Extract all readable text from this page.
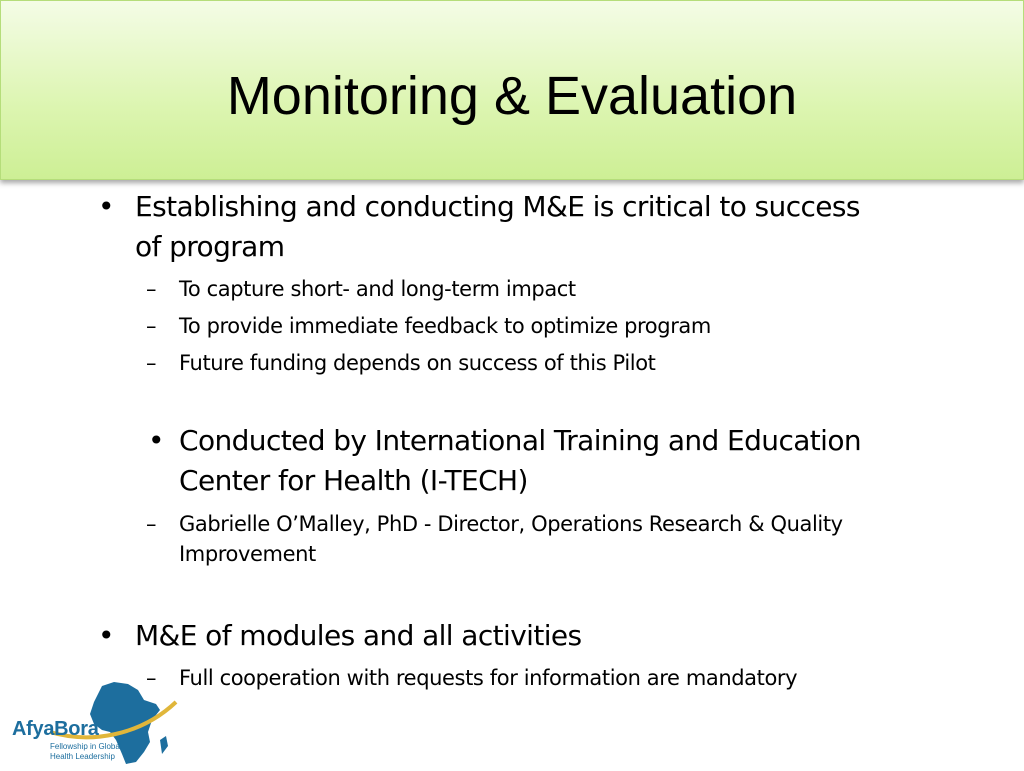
Monitoring & Evaluation
• Establishing and conducting M&E is critical to success
of program
– To capture short- and long-term impact
– To provide immediate feedback to optimize program
– Future funding depends on success of this Pilot
• Conducted by International Training and Education
Center for Health (I-TECH)
– Gabrielle O’Malley, PhD - Director, Operations Research & Quality
Improvement
• M&E of modules and all activities
– Full cooperation with requests for information are mandatory
AfyaBora
Fellowship in Global
Health Leadership
